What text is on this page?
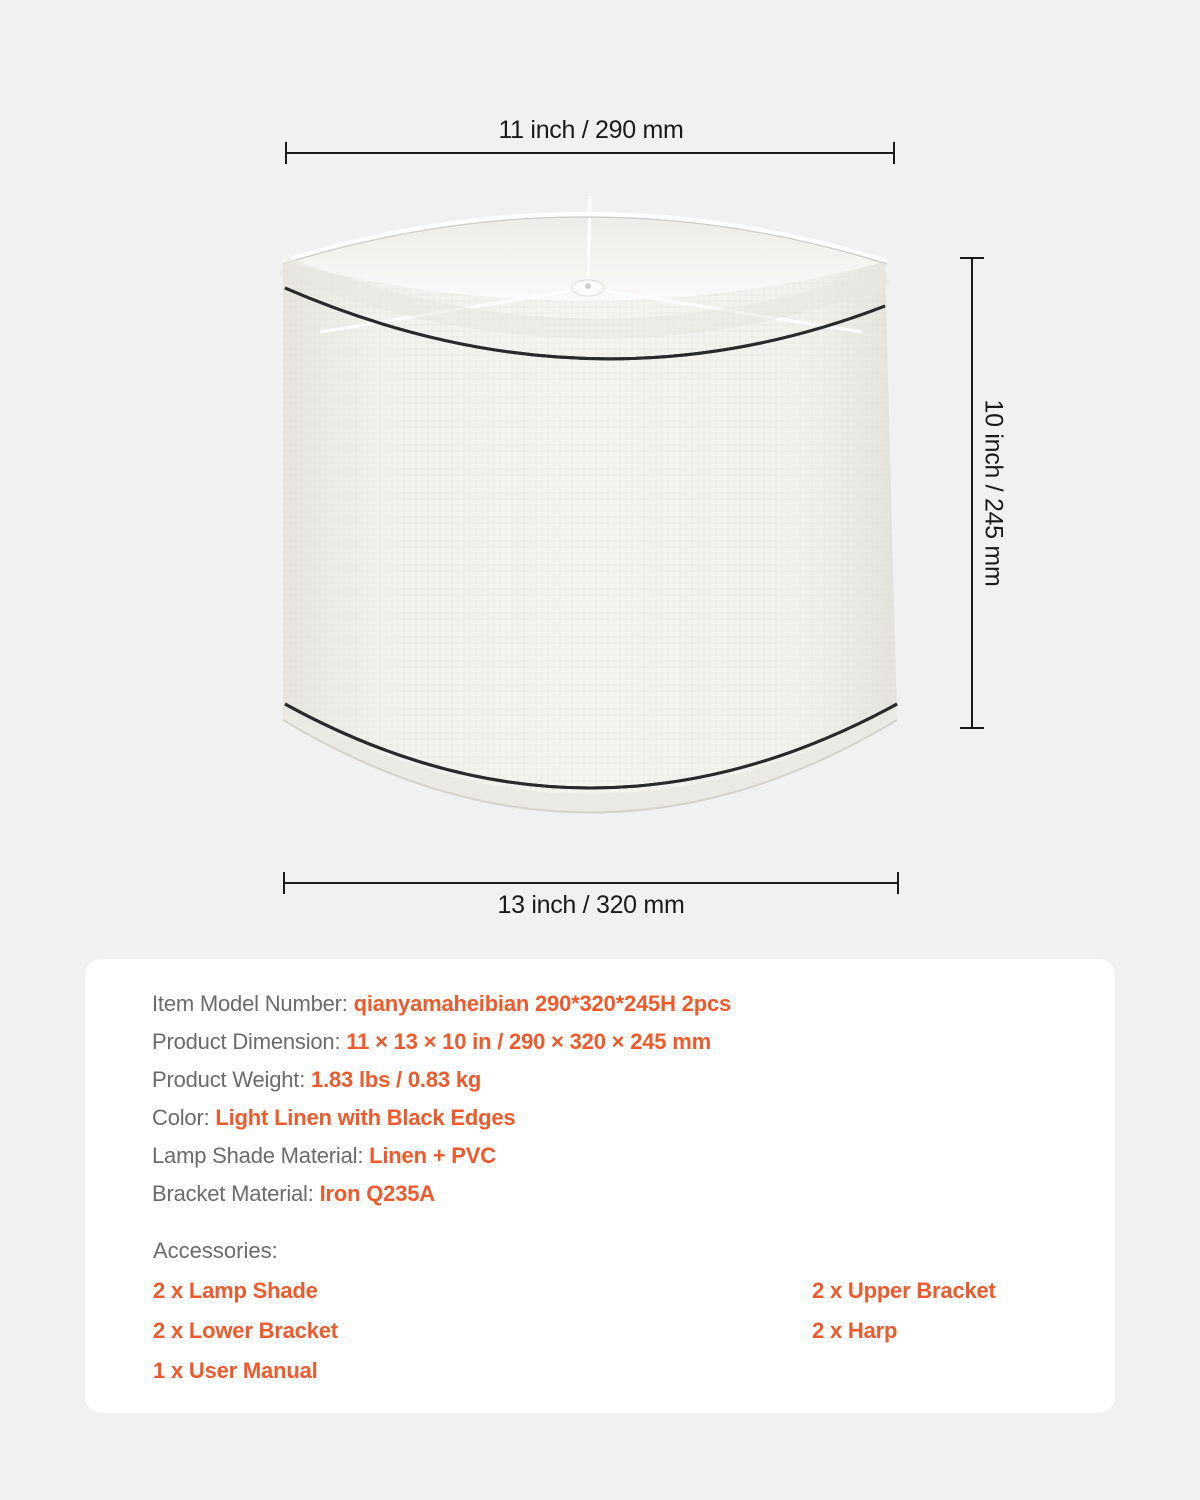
11 inch / 290 mm
10 inch / 245 mm
13 inch / 320 mm
Item Model Number: qianyamaheibian 290*320*245H 2pcs
Product Dimension: 11 × 13 × 10 in / 290 × 320 × 245 mm
Product Weight: 1.83 lbs / 0.83 kg
Color: Light Linen with Black Edges
Lamp Shade Material: Linen + PVC
Bracket Material: Iron Q235A
Accessories:
2 x Lamp Shade	2 x Upper Bracket
2 x Lower Bracket	2 x Harp
1 x User Manual
